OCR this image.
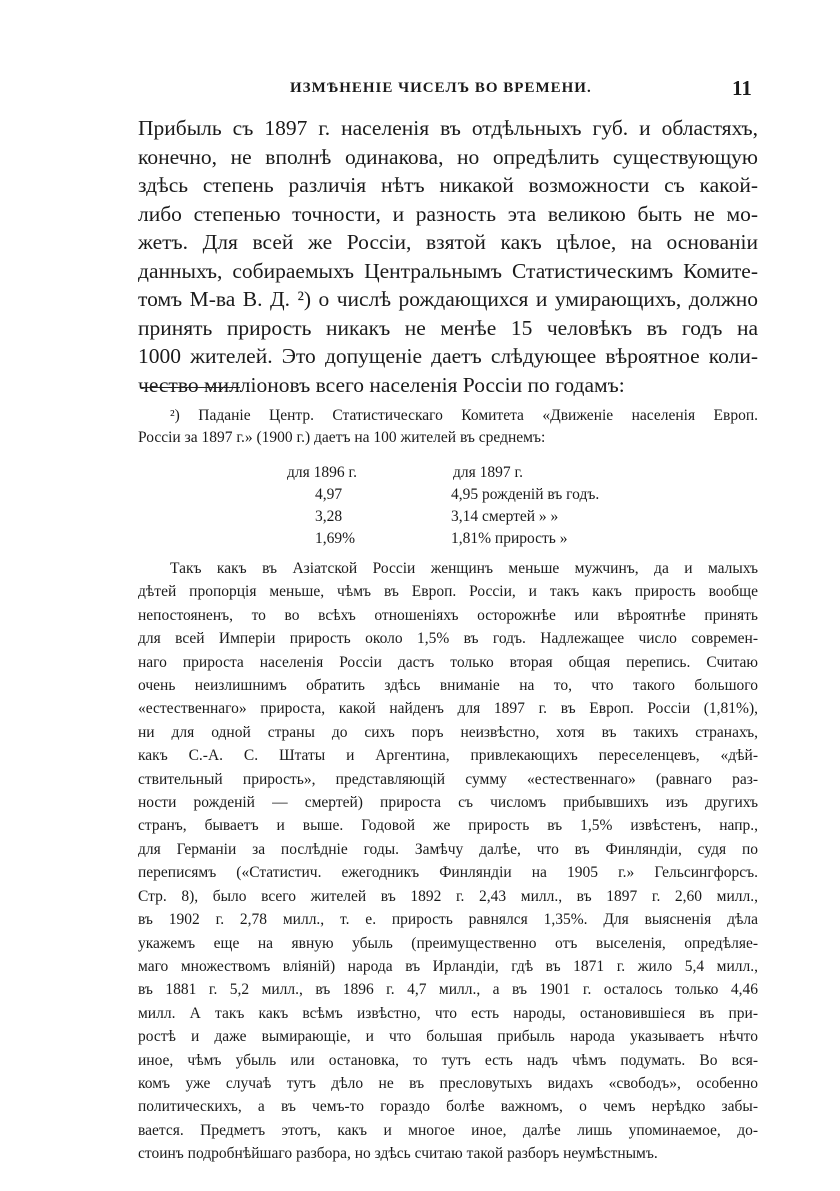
ИЗМѢНЕНІЕ ЧИСЕЛЪ ВО ВРЕМЕНИ.	11
Прибыль съ 1897 г. населенія въ отдѣльныхъ губ. и областяхъ,
конечно, не вполнѣ одинакова, но опредѣлить существующую
здѣсь степень различія нѣтъ никакой возможности съ какой-
либо степенью точности, и разность эта великою быть не мо-
жетъ. Для всей же Россіи, взятой какъ цѣлое, на основаніи
данныхъ, собираемыхъ Центральнымъ Статистическимъ Комите-
томъ М-ва В. Д. ²) о числѣ рождающихся и умирающихъ, должно
принять прирость никакъ не менѣе 15 человѣкъ въ годъ на
1000 жителей. Это допущеніе даетъ слѣдующее вѣроятное коли-
чество милліоновъ всего населенія Россіи по годамъ:
²) Паданіе Центр. Статистическаго Комитета «Движеніе населенія Европ.
Россіи за 1897 г.» (1900 г.) даетъ на 100 жителей въ среднемъ:
для 1896 г.
4,97
3,28
1,69%
для 1897 г.
4,95 рожденій въ годъ.
3,14 смертей » »
1,81% прирость »
Такъ какъ въ Азіатской Россіи женщинъ меньше мужчинъ, да и малыхъ
дѣтей пропорція меньше, чѣмъ въ Европ. Россіи, и такъ какъ прирость вообще
непостояненъ, то во всѣхъ отношеніяхъ осторожнѣе или вѣроятнѣе принять
для всей Имперіи прирость около 1,5% въ годъ. Надлежащее число современ-
наго прироста населенія Россіи дастъ только вторая общая перепись. Считаю
очень неизлишнимъ обратить здѣсь вниманіе на то, что такого большого
«естественнаго» прироста, какой найденъ для 1897 г. въ Европ. Россіи (1,81%),
ни для одной страны до сихъ поръ неизвѣстно, хотя въ такихъ странахъ,
какъ С.-А. С. Штаты и Аргентина, привлекающихъ переселенцевъ, «дѣй-
ствительный прирость», представляющій сумму «естественнаго» (равнаго раз-
ности рожденій — смертей) прироста съ числомъ прибывшихъ изъ другихъ
странъ, бываетъ и выше. Годовой же прирость въ 1,5% извѣстенъ, напр.,
для Германіи за послѣдніе годы. Замѣчу далѣе, что въ Финляндіи, судя по
переписямъ («Статистич. ежегодникъ Финляндіи на 1905 г.» Гельсингфорсъ.
Стр. 8), было всего жителей въ 1892 г. 2,43 милл., въ 1897 г. 2,60 милл.,
въ 1902 г. 2,78 милл., т. е. прирость равнялся 1,35%. Для выясненія дѣла
укажемъ еще на явную убыль (преимущественно отъ выселенія, опредѣляе-
маго множествомъ вліяній) народа въ Ирландіи, гдѣ въ 1871 г. жило 5,4 милл.,
въ 1881 г. 5,2 милл., въ 1896 г. 4,7 милл., а въ 1901 г. осталось только 4,46
милл. А такъ какъ всѣмъ извѣстно, что есть народы, остановившіеся въ при-
ростѣ и даже вымирающіе, и что большая прибыль народа указываетъ нѣчто
иное, чѣмъ убыль или остановка, то тутъ есть надъ чѣмъ подумать. Во вся-
комъ уже случаѣ тутъ дѣло не въ пресловутыхъ видахъ «свободъ», особенно
политическихъ, а въ чемъ-то гораздо болѣе важномъ, о чемъ нерѣдко забы-
вается. Предметъ этотъ, какъ и многое иное, далѣе лишь упоминаемое, до-
стоинъ подробнѣйшаго разбора, но здѣсь считаю такой разборъ неумѣстнымъ.
